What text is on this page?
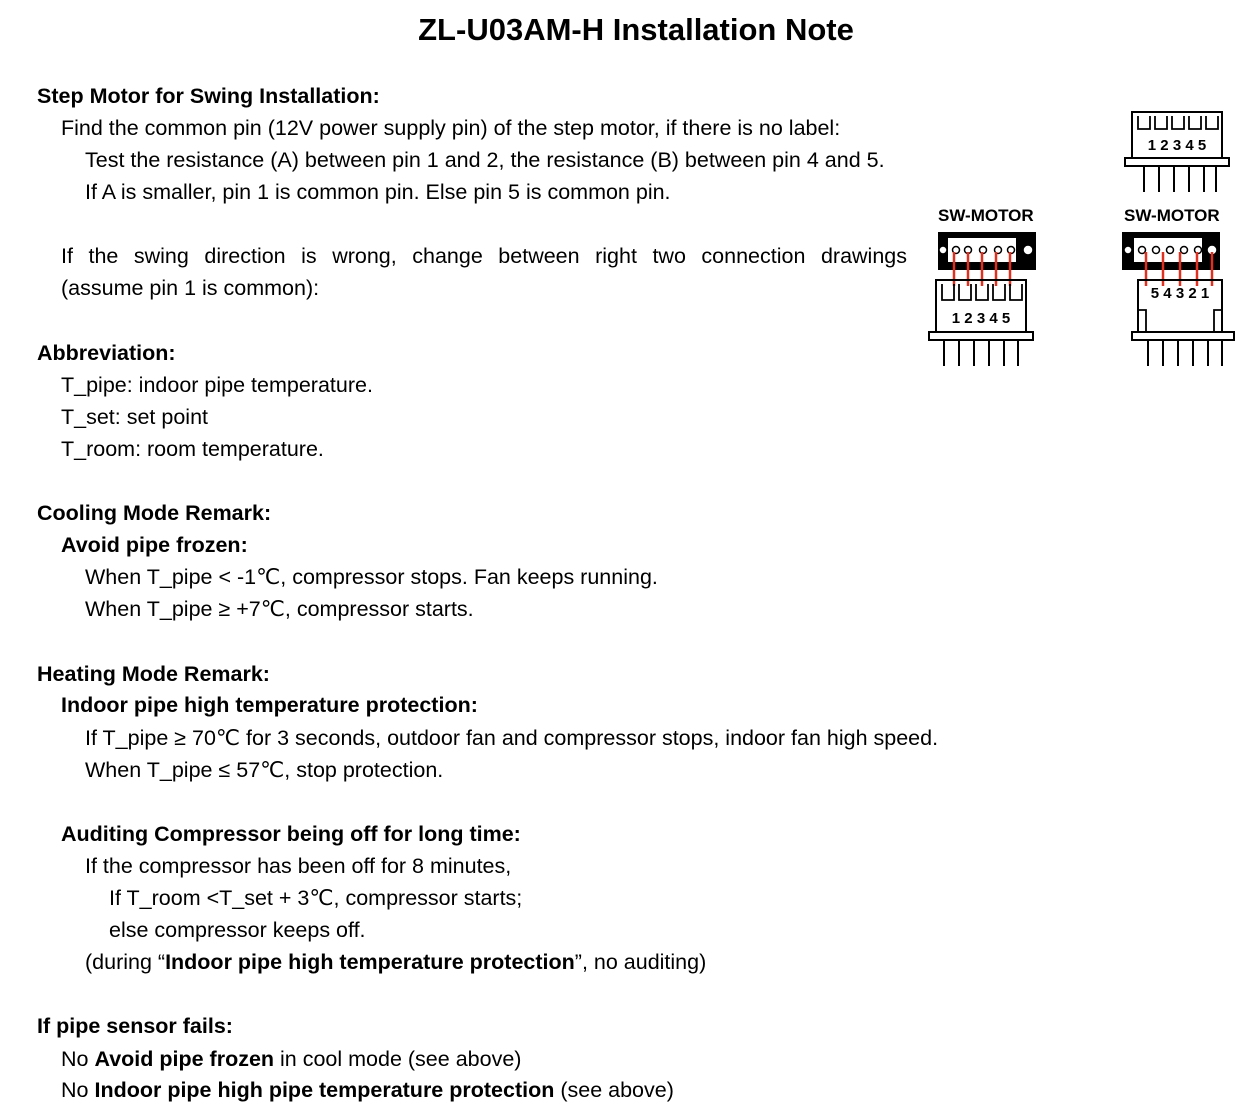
ZL-U03AM-H Installation Note
Step Motor for Swing Installation:
Find the common pin (12V power supply pin) of the step motor, if there is no label:
Test the resistance (A) between pin 1 and 2, the resistance (B) between pin 4 and 5.
If A is smaller, pin 1 is common pin. Else pin 5 is common pin.
If the swing direction is wrong, change between right two connection drawings
(assume pin 1 is common):
Abbreviation:
T_pipe: indoor pipe temperature.
T_set: set point
T_room: room temperature.
Cooling Mode Remark:
Avoid pipe frozen:
When T_pipe < -1℃, compressor stops. Fan keeps running.
When T_pipe ≥ +7℃, compressor starts.
Heating Mode Remark:
Indoor pipe high temperature protection:
If T_pipe ≥ 70℃ for 3 seconds, outdoor fan and compressor stops, indoor fan high speed.
When T_pipe ≤ 57℃, stop protection.
Auditing Compressor being off for long time:
If the compressor has been off for 8 minutes,
If T_room <T_set + 3℃, compressor starts;
else compressor keeps off.
(during “Indoor pipe high temperature protection”, no auditing)
If pipe sensor fails:
No Avoid pipe frozen in cool mode (see above)
No Indoor pipe high pipe temperature protection (see above)
1 2 3 4 5
SW-MOTOR
1 2 3 4 5
SW-MOTOR
5 4 3 2 1
